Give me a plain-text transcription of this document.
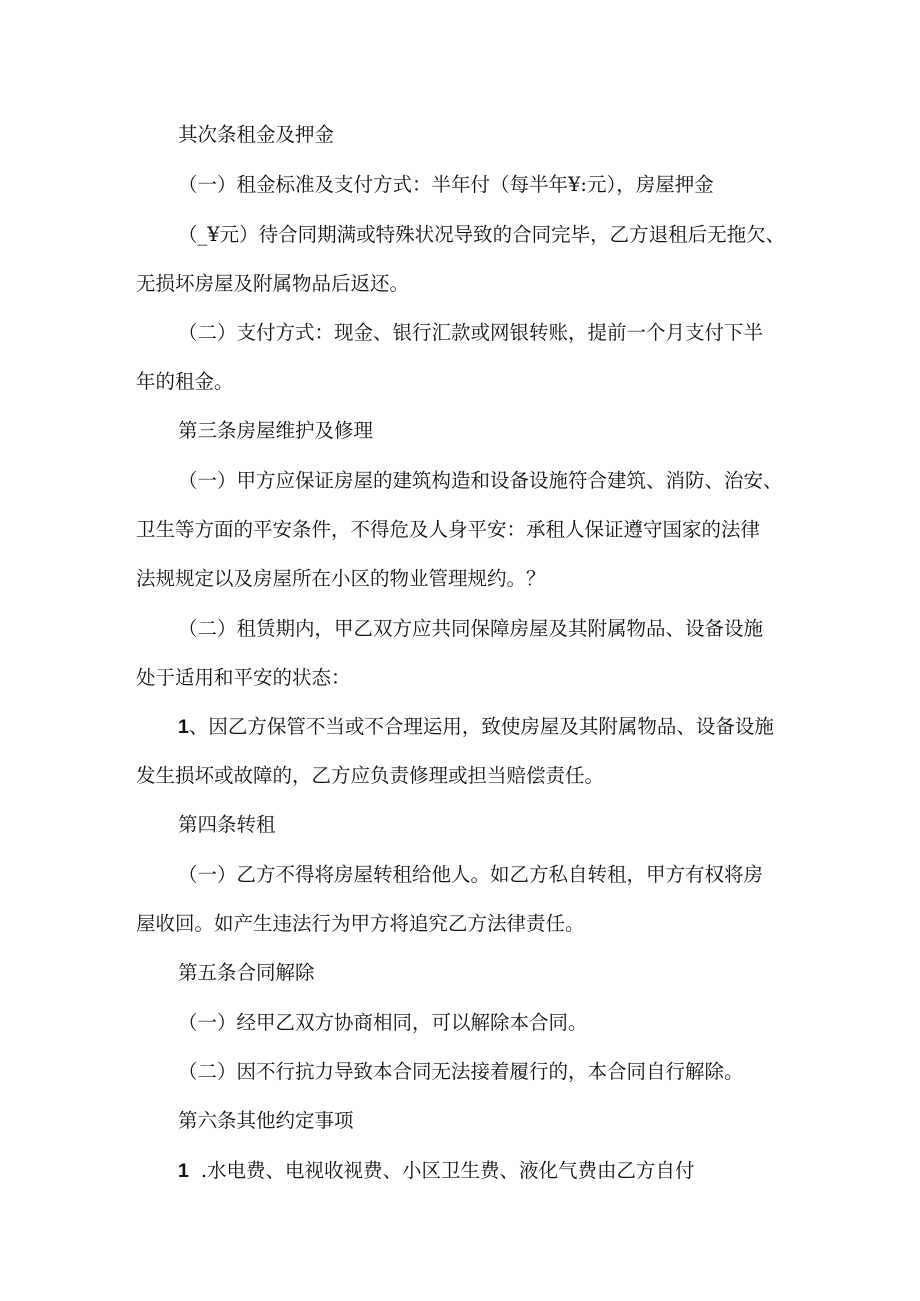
其次条租金及押金

（一）租金标准及支付方式：半年付（每半年¥:元），房屋押金

（_¥元）待合同期满或特殊状况导致的合同完毕，乙方退租后无拖欠、

无损坏房屋及附属物品后返还。

（二）支付方式：现金、银行汇款或网银转账，提前一个月支付下半

年的租金。

第三条房屋维护及修理

（一）甲方应保证房屋的建筑构造和设备设施符合建筑、消防、治安、

卫生等方面的平安条件，不得危及人身平安：承租人保证遵守国家的法律

法规规定以及房屋所在小区的物业管理规约。？

（二）租赁期内，甲乙双方应共同保障房屋及其附属物品、设备设施

处于适用和平安的状态：

1、因乙方保管不当或不合理运用，致使房屋及其附属物品、设备设施

发生损坏或故障的，乙方应负责修理或担当赔偿责任。

第四条转租

（一）乙方不得将房屋转租给他人。如乙方私自转租，甲方有权将房

屋收回。如产生违法行为甲方将追究乙方法律责任。

第五条合同解除

（一）经甲乙双方协商相同，可以解除本合同。

（二）因不行抗力导致本合同无法接着履行的，本合同自行解除。

第六条其他约定事项

1 .水电费、电视收视费、小区卫生费、液化气费由乙方自付
